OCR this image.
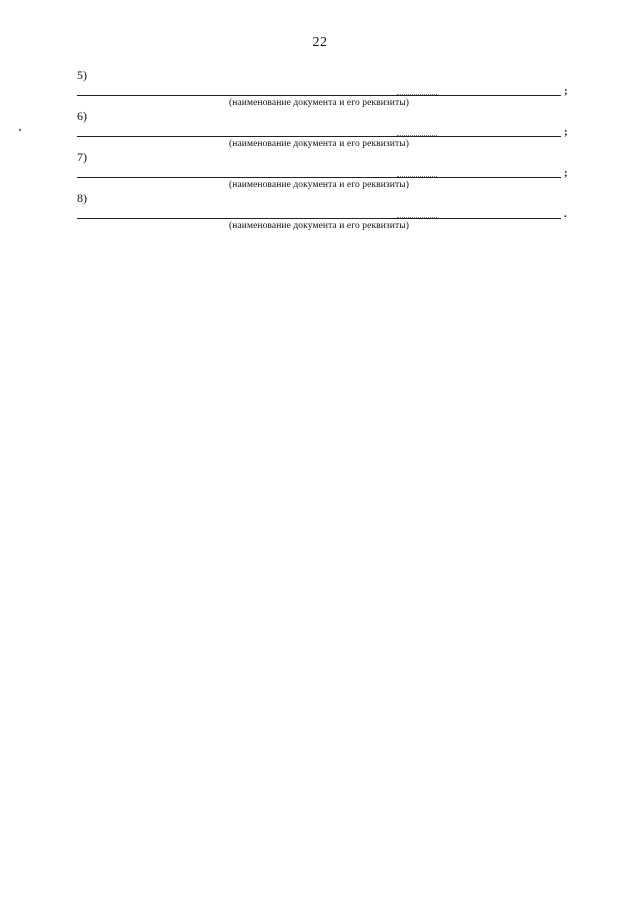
22
5)
;
(наименование документа и его реквизиты)
6)
;
(наименование документа и его реквизиты)
7)
;
(наименование документа и его реквизиты)
8)
.
(наименование документа и его реквизиты)
